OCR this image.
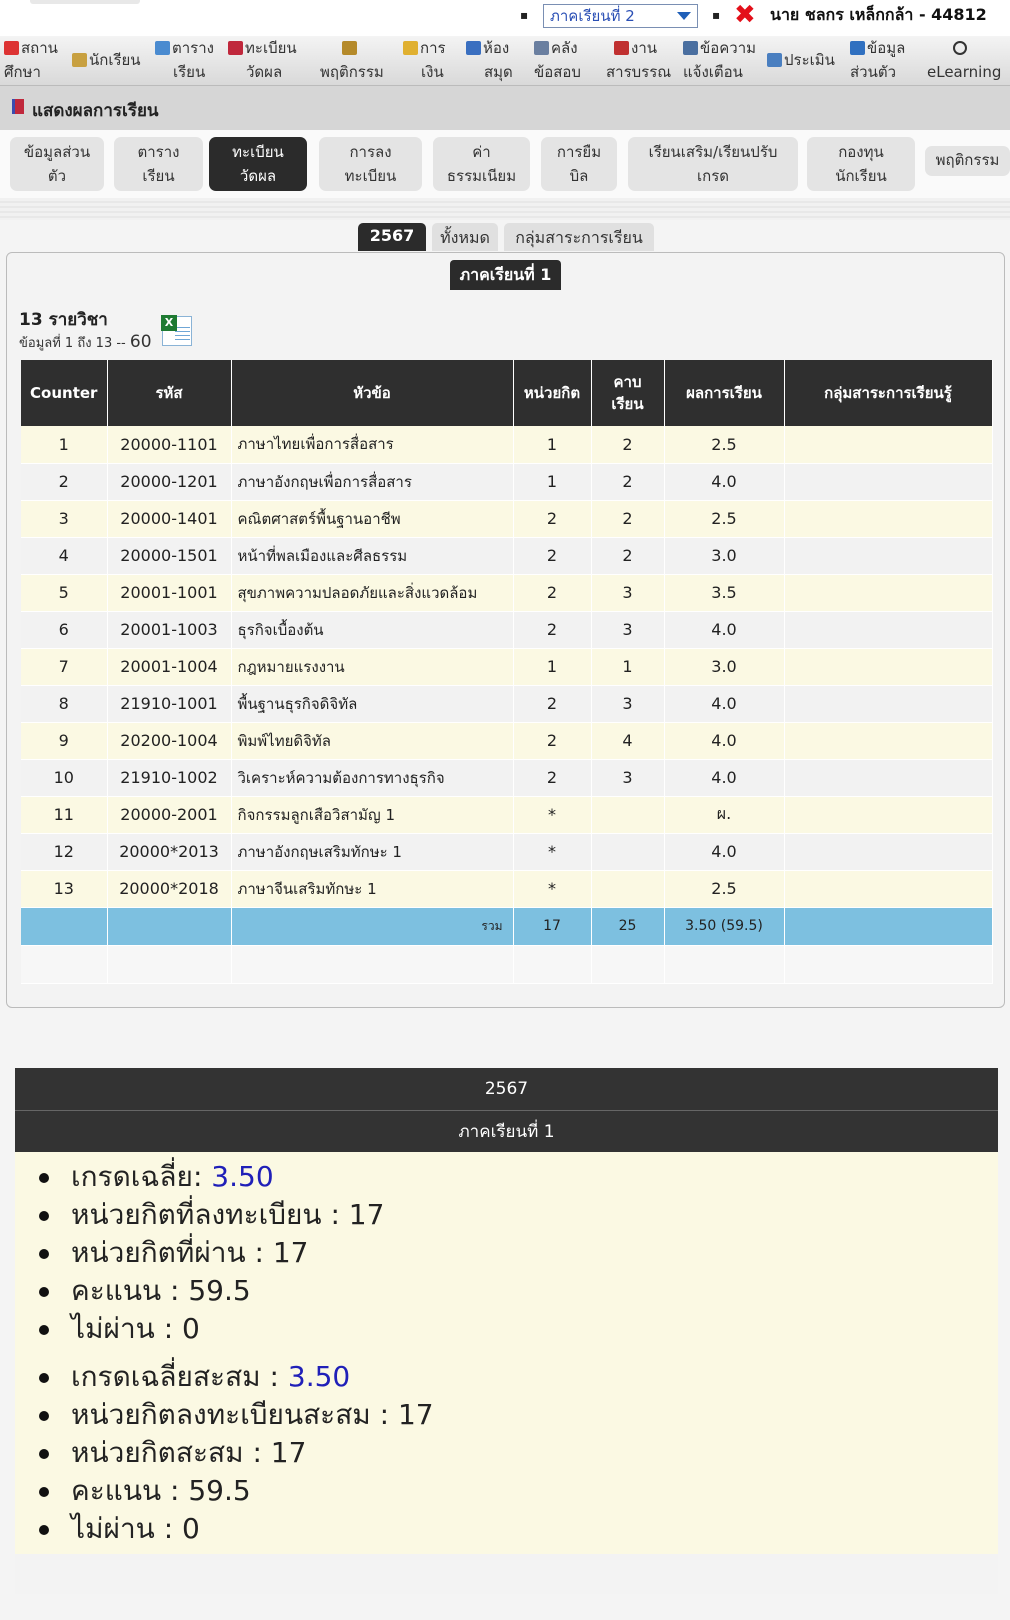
▪ ภาคเรียนที่ 2	▪ ✖ นาย ชลกร เหล็กกล้า - 44812
สถาน
ศึกษา
นักเรียน
ตาราง
เรียน
ทะเบียน
วัดผล	พฤติกรรม
การ
เงิน
ห้อง
สมุด
คลัง
ข้อสอบ
งาน
สารบรรณ
ข้อความ
แจ้งเตือน
ประเมิน
ข้อมูล
ส่วนตัว	eLearning
แสดงผลการเรียน
ข้อมูลส่วน
ตัว
ตาราง
เรียน
ทะเบียน
วัดผล
การลง
ทะเบียน
ค่า
ธรรมเนียม
การยืม
บิล
เรียนเสริม/เรียนปรับ
เกรด
กองทุน
นักเรียน
พฤติกรรม
2567	ทั้งหมด	กลุ่มสาระการเรียน
ภาคเรียนที่ 1
13 รายวิชา
ข้อมูลที่ 1 ถึง 13 -- 60
X
Counter	รหัส	หัวข้อ	หน่วยกิต	คาบ
เรียน	ผลการเรียน	กลุ่มสาระการเรียนรู้
1	20000-1101	ภาษาไทยเพื่อการสื่อสาร	1	2	2.5	
2	20000-1201	ภาษาอังกฤษเพื่อการสื่อสาร	1	2	4.0	
3	20000-1401	คณิตศาสตร์พื้นฐานอาชีพ	2	2	2.5	
4	20000-1501	หน้าที่พลเมืองและศีลธรรม	2	2	3.0	
5	20001-1001	สุขภาพความปลอดภัยและสิ่งแวดล้อม	2	3	3.5	
6	20001-1003	ธุรกิจเบื้องต้น	2	3	4.0	
7	20001-1004	กฎหมายแรงงาน	1	1	3.0	
8	21910-1001	พื้นฐานธุรกิจดิจิทัล	2	3	4.0	
9	20200-1004	พิมพ์ไทยดิจิทัล	2	4	4.0	
10	21910-1002	วิเคราะห์ความต้องการทางธุรกิจ	2	3	4.0	
11	20000-2001	กิจกรรมลูกเสือวิสามัญ 1	*		ผ.	
12	20000*2013	ภาษาอังกฤษเสริมทักษะ 1	*		4.0	
13	20000*2018	ภาษาจีนเสริมทักษะ 1	*		2.5	
		รวม	17	25	3.50 (59.5)	

2567
ภาคเรียนที่ 1
เกรดเฉลี่ย: 3.50
หน่วยกิตที่ลงทะเบียน : 17
หน่วยกิตที่ผ่าน : 17
คะแนน : 59.5
ไม่ผ่าน : 0
เกรดเฉลี่ยสะสม : 3.50
หน่วยกิตลงทะเบียนสะสม : 17
หน่วยกิตสะสม : 17
คะแนน : 59.5
ไม่ผ่าน : 0
